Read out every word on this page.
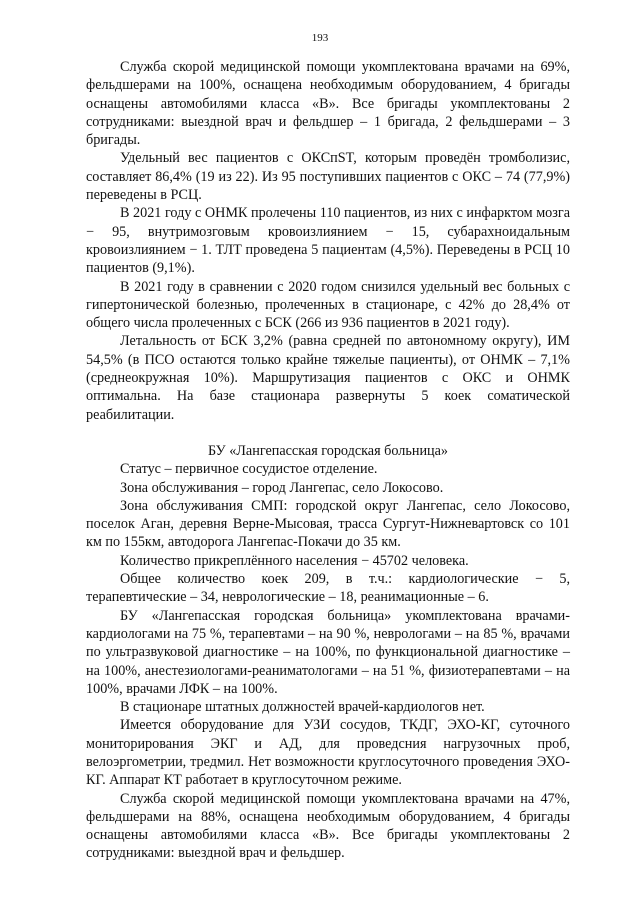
193

Служба скорой медицинской помощи укомплектована врачами на 69%, фельдшерами на 100%, оснащена необходимым оборудованием, 4 бригады оснащены автомобилями класса «В». Все бригады укомплектованы 2 сотрудниками: выездной врач и фельдшер – 1 бригада, 2 фельдшерами – 3 бригады.

Удельный вес пациентов с ОКСпST, которым проведён тромболизис, составляет 86,4% (19 из 22). Из 95 поступивших пациентов с ОКС – 74 (77,9%) переведены в РСЦ.

В 2021 году с ОНМК пролечены 110 пациентов, из них с инфарктом мозга − 95, внутримозговым кровоизлиянием − 15, субарахноидальным кровоизлиянием − 1. ТЛТ проведена 5 пациентам (4,5%). Переведены в РСЦ 10 пациентов (9,1%).

В 2021 году в сравнении с 2020 годом снизился удельный вес больных с гипертонической болезнью, пролеченных в стационаре, с 42% до 28,4% от общего числа пролеченных с БСК (266 из 936 пациентов в 2021 году).

Летальность от БСК 3,2% (равна средней по автономному округу), ИМ 54,5% (в ПСО остаются только крайне тяжелые пациенты), от ОНМК – 7,1% (среднеокружная 10%). Маршрутизация пациентов с ОКС и ОНМК оптимальна. На базе стационара развернуты 5 коек соматической реабилитации.

БУ «Лангепасская городская больница»

Статус – первичное сосудистое отделение.

Зона обслуживания – город Лангепас, село Локосово.

Зона обслуживания СМП: городской округ Лангепас, село Локосово, поселок Аган, деревня Верне-Мысовая, трасса Сургут-Нижневартовск со 101 км по 155км, автодорога Лангепас-Покачи до 35 км.

Количество прикреплённого населения − 45702 человека.

Общее количество коек 209, в т.ч.: кардиологические − 5, терапевтические – 34, неврологические – 18, реанимационные – 6.

БУ «Лангепасская городская больница» укомплектована врачами-кардиологами на 75 %, терапевтами – на 90 %, неврологами – на 85 %, врачами по ультразвуковой диагностике – на 100%, по функциональной диагностике – на 100%, анестезиологами-реаниматологами – на 51 %, физиотерапевтами – на 100%, врачами ЛФК – на 100%.

В стационаре штатных должностей врачей-кардиологов нет.

Имеется оборудование для УЗИ сосудов, ТКДГ, ЭХО-КГ, суточного мониторирования ЭКГ и АД, для проведсния нагрузочных проб, велоэргометрии, тредмил. Нет возможности круглосуточного проведения ЭХО-КГ. Аппарат КТ работает в круглосуточном режиме.

Служба скорой медицинской помощи укомплектована врачами на 47%, фельдшерами на 88%, оснащена необходимым оборудованием, 4 бригады оснащены автомобилями класса «В». Все бригады укомплектованы 2 сотрудниками: выездной врач и фельдшер.
